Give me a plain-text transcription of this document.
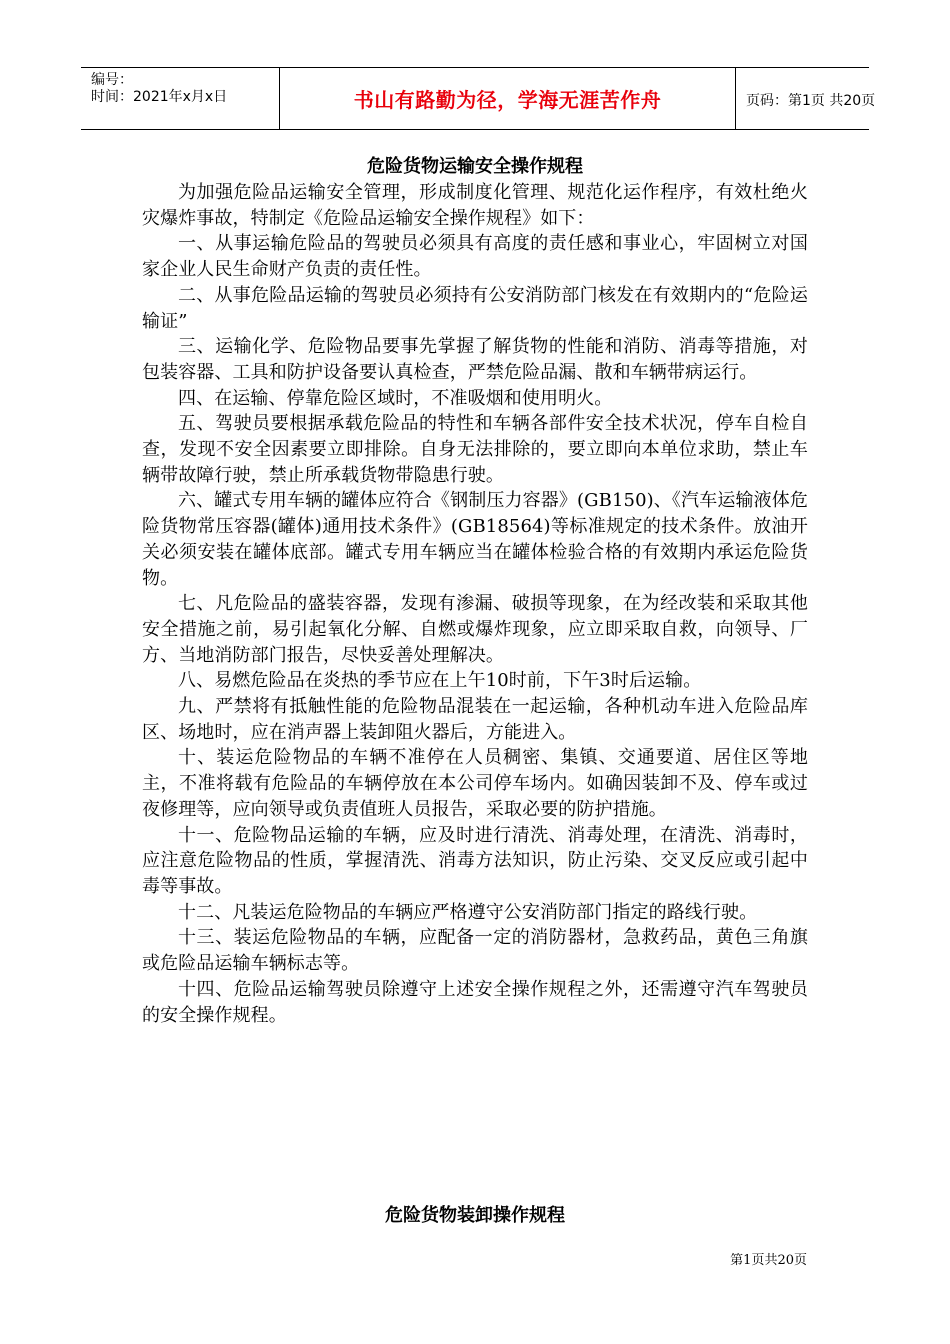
编号：
时间：2021年x月x日	书山有路勤为径，学海无涯苦作舟	页码：第1页 共20页
危险货物运输安全操作规程

为加强危险品运输安全管理，形成制度化管理、规范化运作程序，有效杜绝火灾爆炸事故，特制定《危险品运输安全操作规程》如下：

一、从事运输危险品的驾驶员必须具有高度的责任感和事业心，牢固树立对国家企业人民生命财产负责的责任性。

二、从事危险品运输的驾驶员必须持有公安消防部门核发在有效期内的“危险运输证”

三、运输化学、危险物品要事先掌握了解货物的性能和消防、消毒等措施，对包装容器、工具和防护设备要认真检查，严禁危险品漏、散和车辆带病运行。

四、在运输、停靠危险区域时，不准吸烟和使用明火。

五、驾驶员要根据承载危险品的特性和车辆各部件安全技术状况，停车自检自查，发现不安全因素要立即排除。自身无法排除的，要立即向本单位求助，禁止车辆带故障行驶，禁止所承载货物带隐患行驶。

六、罐式专用车辆的罐体应符合《钢制压力容器》(GB150)、《汽车运输液体危险货物常压容器(罐体)通用技术条件》(GB18564)等标准规定的技术条件。放油开关必须安装在罐体底部。罐式专用车辆应当在罐体检验合格的有效期内承运危险货物。

七、凡危险品的盛装容器，发现有渗漏、破损等现象，在为经改装和采取其他安全措施之前，易引起氧化分解、自燃或爆炸现象，应立即采取自救，向领导、厂方、当地消防部门报告，尽快妥善处理解决。

八、易燃危险品在炎热的季节应在上午10时前，下午3时后运输。

九、严禁将有抵触性能的危险物品混装在一起运输，各种机动车进入危险品库区、场地时，应在消声器上装卸阻火器后，方能进入。

十、装运危险物品的车辆不准停在人员稠密、集镇、交通要道、居住区等地主，不准将载有危险品的车辆停放在本公司停车场内。如确因装卸不及、停车或过夜修理等，应向领导或负责值班人员报告，采取必要的防护措施。

十一、危险物品运输的车辆，应及时进行清洗、消毒处理，在清洗、消毒时，应注意危险物品的性质，掌握清洗、消毒方法知识，防止污染、交叉反应或引起中毒等事故。

十二、凡装运危险物品的车辆应严格遵守公安消防部门指定的路线行驶。

十三、装运危险物品的车辆，应配备一定的消防器材，急救药品，黄色三角旗或危险品运输车辆标志等。

十四、危险品运输驾驶员除遵守上述安全操作规程之外，还需遵守汽车驾驶员的安全操作规程。

危险货物装卸操作规程
第1页共20页
